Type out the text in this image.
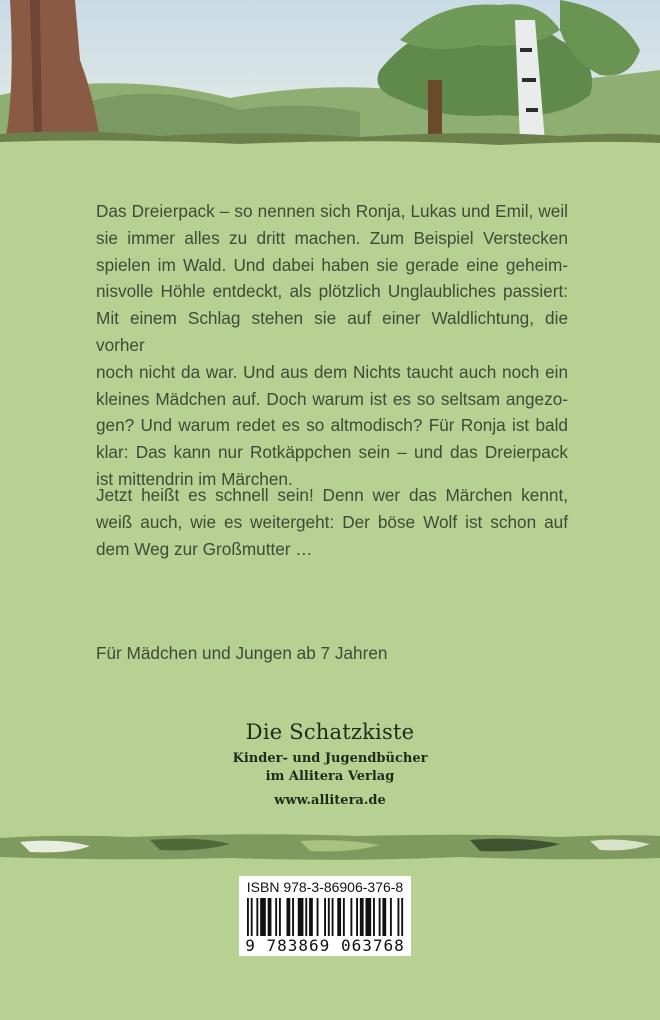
Das Dreierpack – so nennen sich Ronja, Lukas und Emil, weil

sie immer alles zu dritt machen. Zum Beispiel Verstecken

spielen im Wald. Und dabei haben sie gerade eine geheim-

nisvolle Höhle entdeckt, als plötzlich Unglaubliches passiert:

Mit einem Schlag stehen sie auf einer Waldlichtung, die vorher

noch nicht da war. Und aus dem Nichts taucht auch noch ein

kleines Mädchen auf. Doch warum ist es so seltsam angezo-

gen? Und warum redet es so altmodisch? Für Ronja ist bald

klar: Das kann nur Rotkäppchen sein – und das Dreierpack

ist mittendrin im Märchen.

Jetzt heißt es schnell sein! Denn wer das Märchen kennt,

weiß auch, wie es weitergeht: Der böse Wolf ist schon auf

dem Weg zur Großmutter …

Für Mädchen und Jungen ab 7 Jahren

Die Schatzkiste

Kinder- und Jugendbücher

im Allitera Verlag

www.allitera.de

ISBN 978-3-86906-376-8

9 783869 063768
